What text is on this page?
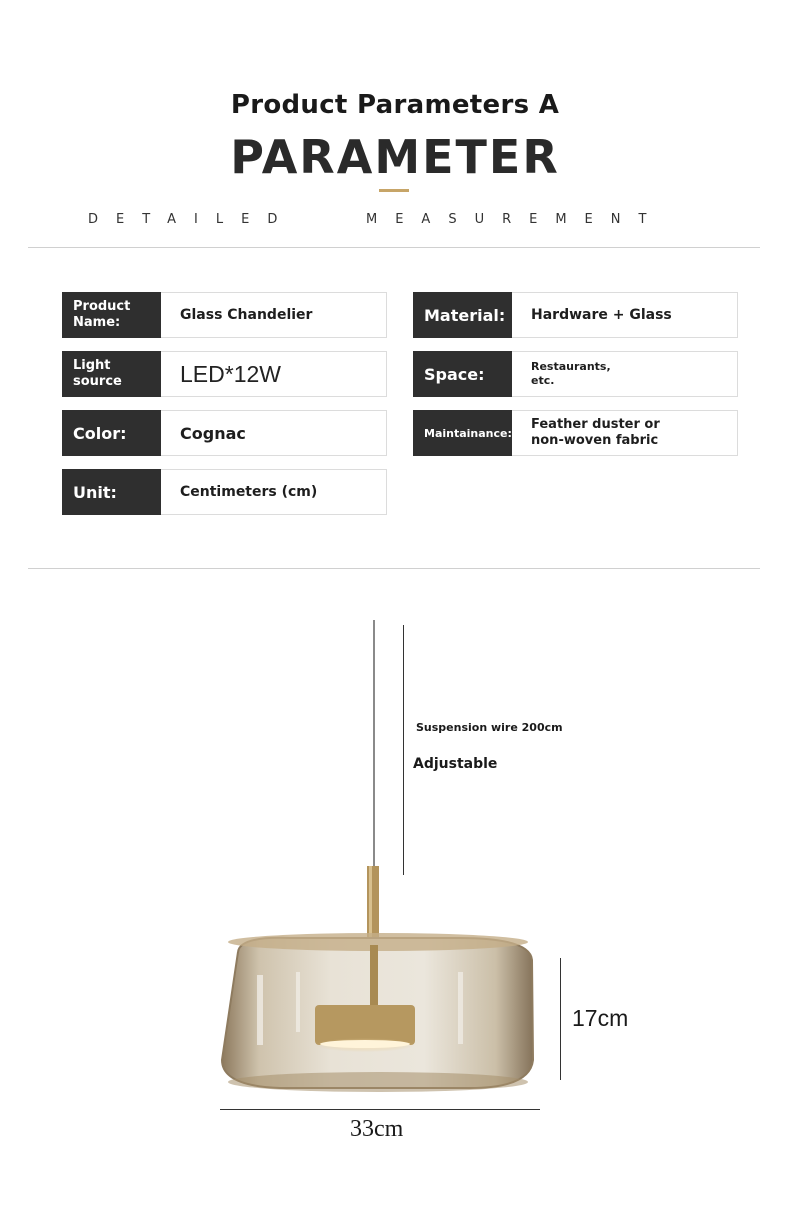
Product Parameters A
PARAMETER
DETAILED	MEASUREMENT
Product Name:	Glass Chandelier
Light source	LED*12W
Color:	Cognac
Unit:	Centimeters (cm)
Material:	Hardware + Glass
Space:	Restaurants, etc.
Maintainance:
Feather duster or non-woven fabric
Suspension wire 200cm
Adjustable
17cm
33cm
